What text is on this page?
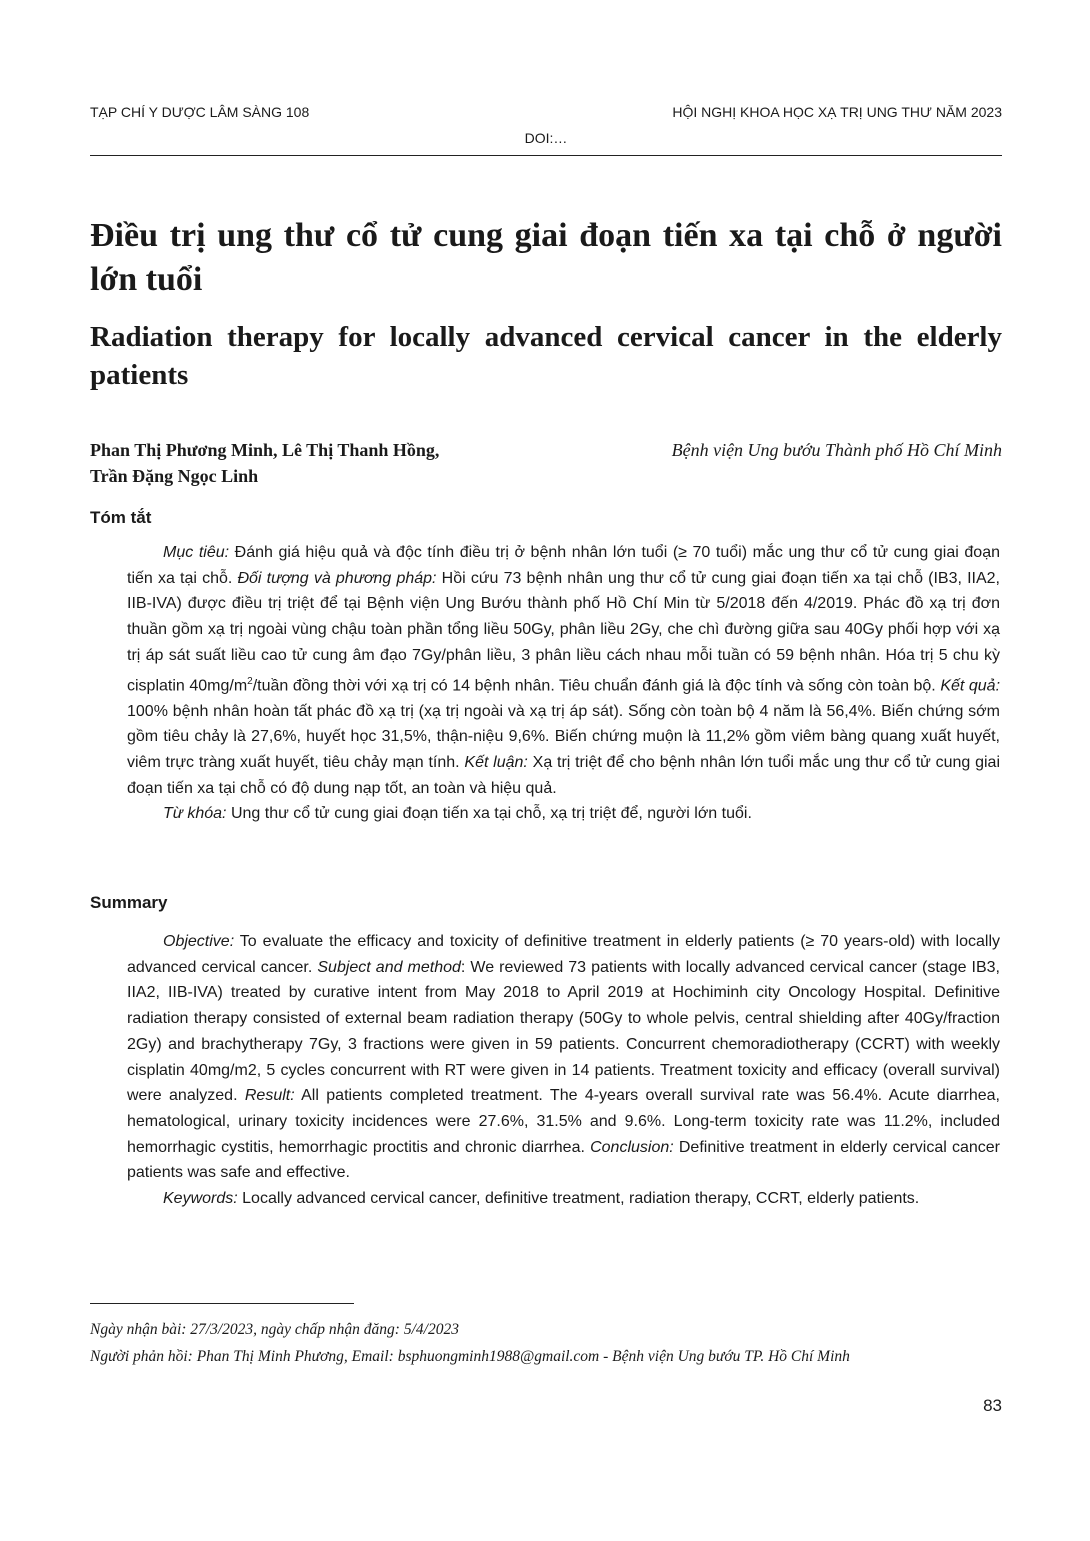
TẠP CHÍ Y DƯỢC LÂM SÀNG 108	HỘI NGHỊ KHOA HỌC XẠ TRỊ UNG THƯ NĂM 2023
DOI:…
Điều trị ung thư cổ tử cung giai đoạn tiến xa tại chỗ ở người lớn tuổi
Radiation therapy for locally advanced cervical cancer in the elderly patients
Phan Thị Phương Minh, Lê Thị Thanh Hồng,
Trần Đặng Ngọc Linh
Bệnh viện Ung bướu Thành phố Hồ Chí Minh
Tóm tắt

Mục tiêu: Đánh giá hiệu quả và độc tính điều trị ở bệnh nhân lớn tuổi (≥ 70 tuổi) mắc ung thư cổ tử cung giai đoạn tiến xa tại chỗ. Đối tượng và phương pháp: Hồi cứu 73 bệnh nhân ung thư cổ tử cung giai đoạn tiến xa tại chỗ (IB3, IIA2, IIB-IVA) được điều trị triệt để tại Bệnh viện Ung Bướu thành phố Hồ Chí Min từ 5/2018 đến 4/2019. Phác đồ xạ trị đơn thuần gồm xạ trị ngoài vùng chậu toàn phần tổng liều 50Gy, phân liều 2Gy, che chì đường giữa sau 40Gy phối hợp với xạ trị áp sát suất liều cao tử cung âm đạo 7Gy/phân liều, 3 phân liều cách nhau mỗi tuần có 59 bệnh nhân. Hóa trị 5 chu kỳ cisplatin $40mg/m^2$/tuần đồng thời với xạ trị có 14 bệnh nhân. Tiêu chuẩn đánh giá là độc tính và sống còn toàn bộ. Kết quả: 100% bệnh nhân hoàn tất phác đồ xạ trị (xạ trị ngoài và xạ trị áp sát). Sống còn toàn bộ 4 năm là 56,4%. Biến chứng sớm gồm tiêu chảy là 27,6%, huyết học 31,5%, thận-niệu 9,6%. Biến chứng muộn là 11,2% gồm viêm bàng quang xuất huyết, viêm trực tràng xuất huyết, tiêu chảy mạn tính. Kết luận: Xạ trị triệt để cho bệnh nhân lớn tuổi mắc ung thư cổ tử cung giai đoạn tiến xa tại chỗ có độ dung nạp tốt, an toàn và hiệu quả.

Từ khóa: Ung thư cổ tử cung giai đoạn tiến xa tại chỗ, xạ trị triệt để, người lớn tuổi.

Summary

Objective: To evaluate the efficacy and toxicity of definitive treatment in elderly patients (≥ 70 years-old) with locally advanced cervical cancer. Subject and method: We reviewed 73 patients with locally advanced cervical cancer (stage IB3, IIA2, IIB-IVA) treated by curative intent from May 2018 to April 2019 at Hochiminh city Oncology Hospital. Definitive radiation therapy consisted of external beam radiation therapy (50Gy to whole pelvis, central shielding after 40Gy/fraction 2Gy) and brachytherapy 7Gy, 3 fractions were given in 59 patients. Concurrent chemoradiotherapy (CCRT) with weekly cisplatin 40mg/m2, 5 cycles concurrent with RT were given in 14 patients. Treatment toxicity and efficacy (overall survival) were analyzed. Result: All patients completed treatment. The 4-years overall survival rate was 56.4%. Acute diarrhea, hematological, urinary toxicity incidences were 27.6%, 31.5% and 9.6%. Long-term toxicity rate was 11.2%, included hemorrhagic cystitis, hemorrhagic proctitis and chronic diarrhea. Conclusion: Definitive treatment in elderly cervical cancer patients was safe and effective.

Keywords: Locally advanced cervical cancer, definitive treatment, radiation therapy, CCRT, elderly patients.

Ngày nhận bài: 27/3/2023, ngày chấp nhận đăng: 5/4/2023
Người phản hồi: Phan Thị Minh Phương, Email: bsphuongminh1988@gmail.com - Bệnh viện Ung bướu TP. Hồ Chí Minh
83
